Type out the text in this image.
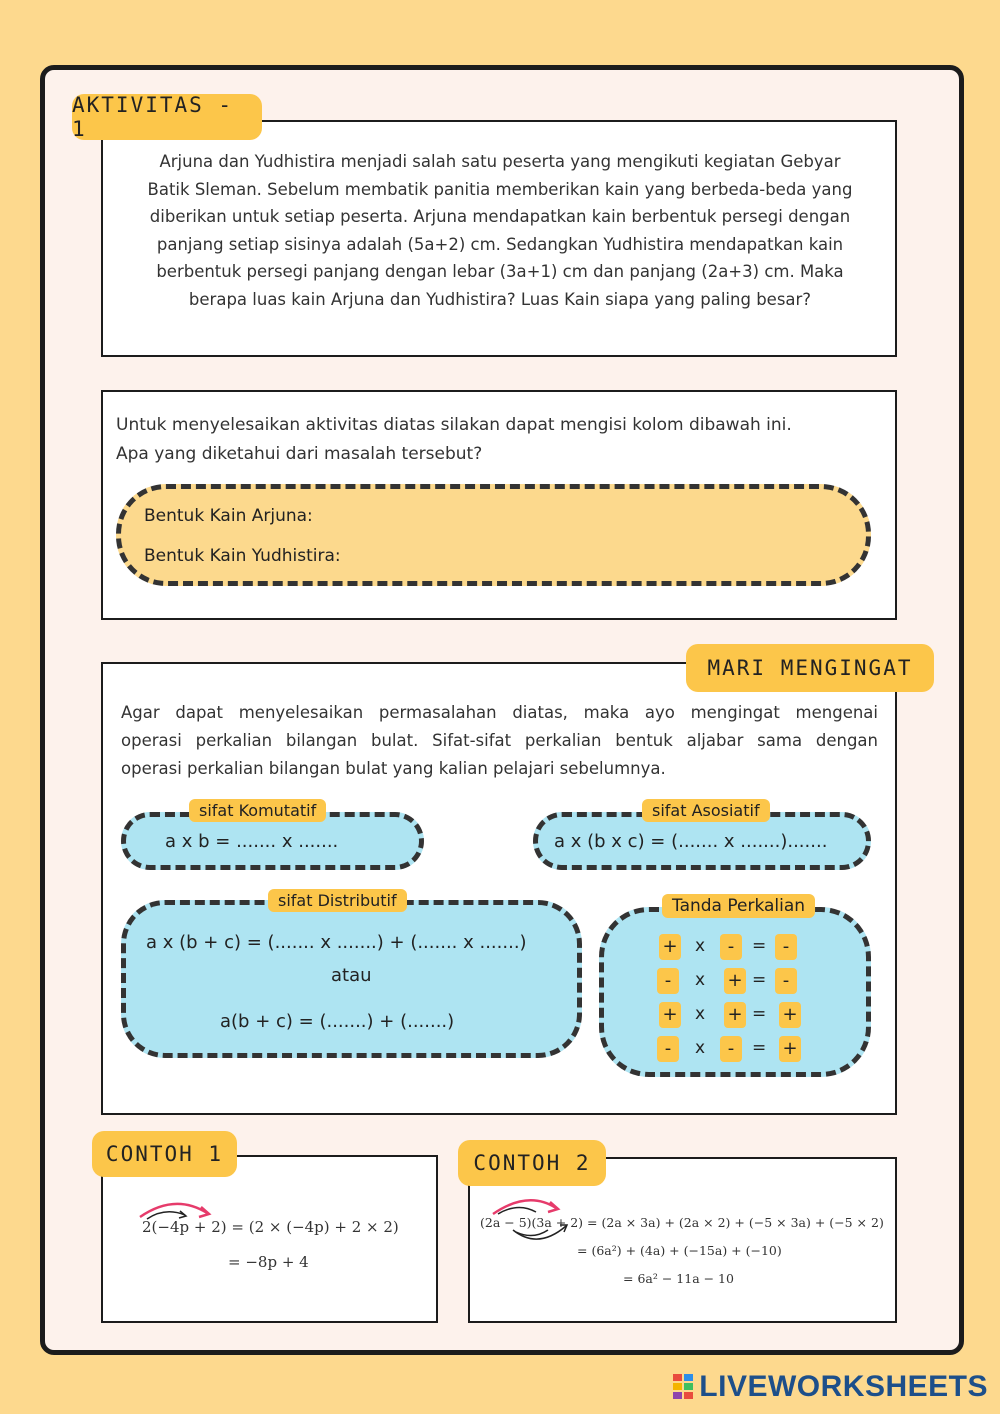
AKTIVITAS - 1
Arjuna dan Yudhistira menjadi salah satu peserta yang mengikuti kegiatan Gebyar
Batik Sleman. Sebelum membatik panitia memberikan kain yang berbeda-beda yang
diberikan untuk setiap peserta. Arjuna mendapatkan kain berbentuk persegi dengan
panjang setiap sisinya adalah (5a+2) cm. Sedangkan Yudhistira mendapatkan kain
berbentuk persegi panjang dengan lebar (3a+1) cm dan panjang (2a+3) cm. Maka
berapa luas kain Arjuna dan Yudhistira? Luas Kain siapa yang paling besar?
Untuk menyelesaikan aktivitas diatas silakan dapat mengisi kolom dibawah ini.
Apa yang diketahui dari masalah tersebut?
Bentuk Kain Arjuna:
Bentuk Kain Yudhistira:
MARI MENGINGAT
Agar dapat menyelesaikan permasalahan diatas, maka ayo mengingat mengenai
operasi perkalian bilangan bulat. Sifat-sifat perkalian bentuk aljabar sama dengan
operasi perkalian bilangan bulat yang kalian pelajari sebelumnya.
sifat Komutatif
a x b = ....... x .......
sifat Asosiatif
a x (b x c) = (....... x .......).......
sifat Distributif
a x (b + c) = (....... x .......) + (....... x .......)
atau
a(b + c) = (.......) + (.......)
Tanda Perkalian
+ x	-	= -
-	x + = -
+ x + = +
-	x	-	= +
CONTOH 1
2(−4p + 2) = (2 × (−4p) + 2 × 2)
= −8p + 4
CONTOH 2
(2a − 5)(3a + 2) = (2a × 3a) + (2a × 2) + (−5 × 3a) + (−5 × 2)
= (6a²) + (4a) + (−15a) + (−10)
= 6a² − 11a − 10
LIVEWORKSHEETS
